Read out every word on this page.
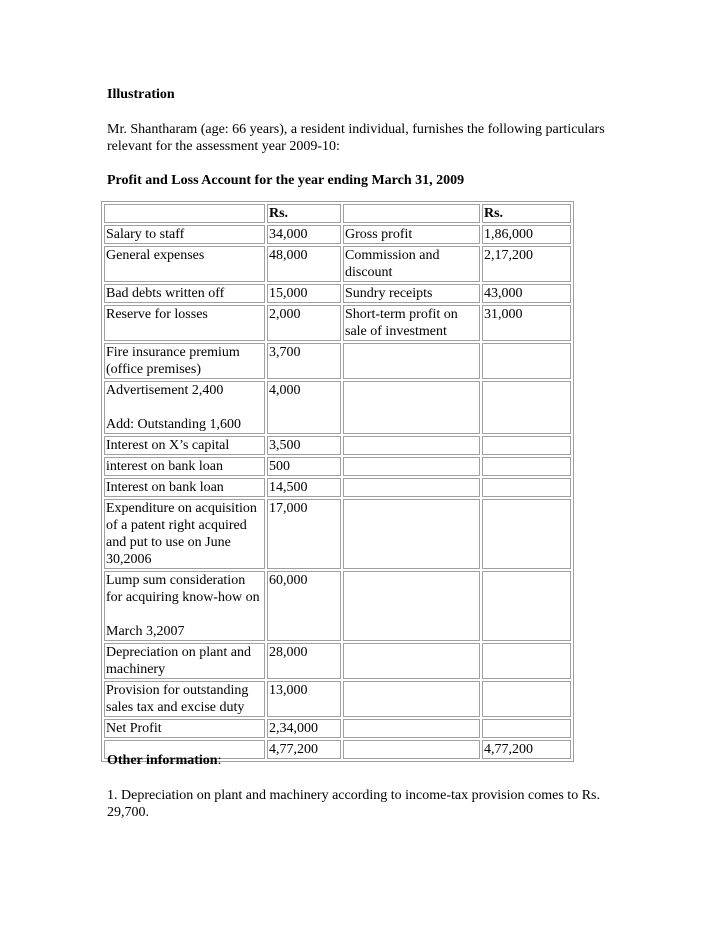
Illustration

Mr. Shantharam (age: 66 years), a resident individual, furnishes the following particulars

relevant for the assessment year 2009-10:

Profit and Loss Account for the year ending March 31, 2009

	Rs.		Rs.

Salary to staff	34,000	Gross profit	1,86,000

General expenses	48,000	Commission and discount	2,17,200

Bad debts written off	15,000	Sundry receipts	43,000

Reserve for losses	2,000	Short-term profit on sale of investment	31,000

Fire insurance premium (office premises)	3,700		

Advertisement 2,400
Add: Outstanding 1,600	4,000		

Interest on X’s capital	3,500		

interest on bank loan	500		

Interest on bank loan	14,500		

Expenditure on acquisition of a patent right acquired and put to use on June 30,2006	17,000		

Lump sum consideration for acquiring know-how on
March 3,2007	60,000		

Depreciation on plant and machinery	28,000		

Provision for outstanding sales tax and excise duty	13,000		

Net Profit	2,34,000		
	4,77,200		4,77,200

Other information:

1. Depreciation on plant and machinery according to income-tax provision comes to Rs.

29,700.
